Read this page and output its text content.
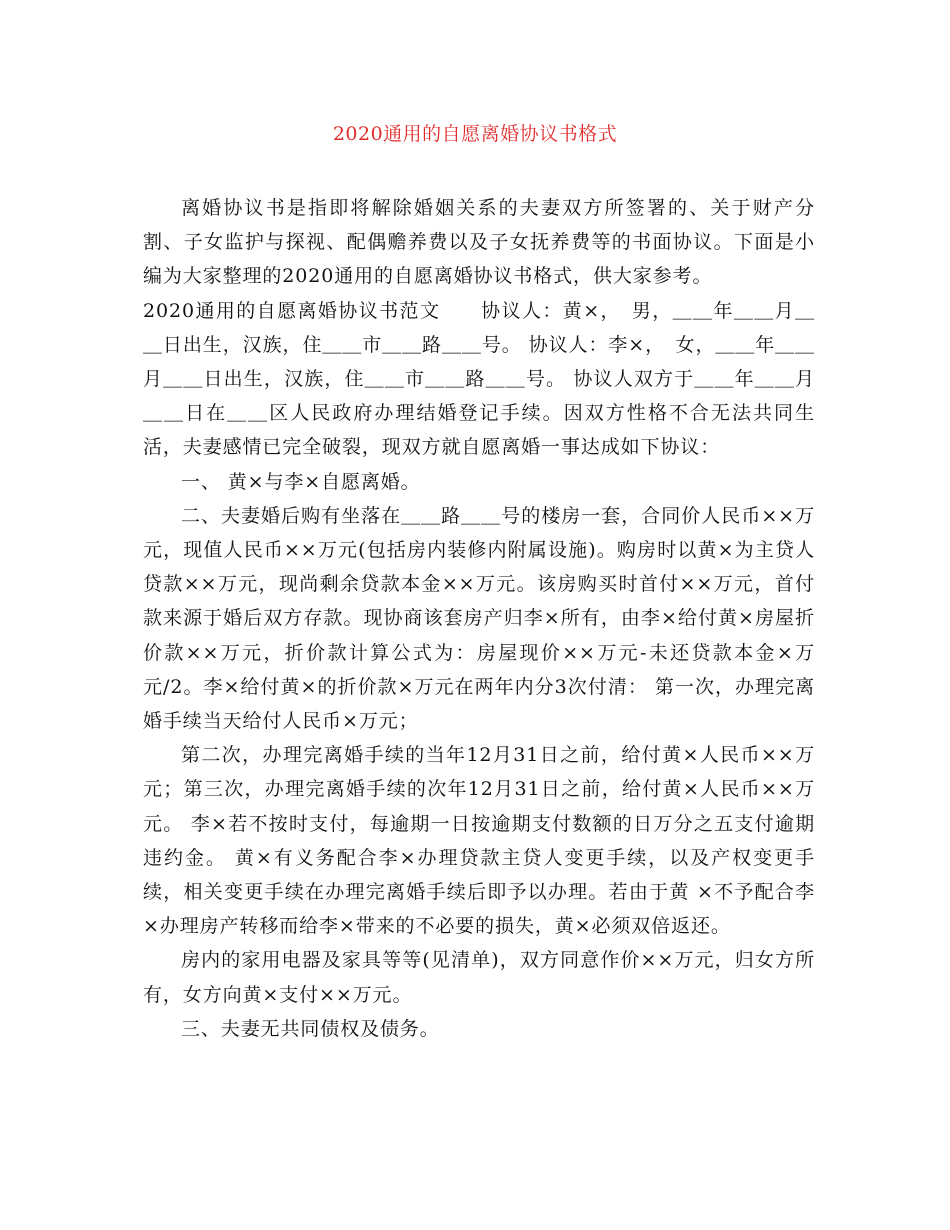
2020通用的自愿离婚协议书格式

离婚协议书是指即将解除婚姻关系的夫妻双方所签署的、关于财产分割、子女监护与探视、配偶赡养费以及子女抚养费等的书面协议。下面是小编为大家整理的2020通用的自愿离婚协议书格式，供大家参考。

2020通用的自愿离婚协议书范文　　协议人：黄×，　男，＿＿年＿＿月＿＿日出生，汉族，住＿＿市＿＿路＿＿号。 协议人：李×，　女，＿＿年＿＿月＿＿日出生，汉族，住＿＿市＿＿路＿＿号。 协议人双方于＿＿年＿＿月＿＿日在＿＿区人民政府办理结婚登记手续。因双方性格不合无法共同生活，夫妻感情已完全破裂，现双方就自愿离婚一事达成如下协议：

一、 黄×与李×自愿离婚。

二、夫妻婚后购有坐落在＿＿路＿＿号的楼房一套，合同价人民币××万元，现值人民币××万元(包括房内装修内附属设施)。购房时以黄×为主贷人贷款××万元，现尚剩余贷款本金××万元。该房购买时首付××万元，首付款来源于婚后双方存款。现协商该套房产归李×所有，由李×给付黄×房屋折价款××万元，折价款计算公式为：房屋现价××万元-未还贷款本金×万元/2。李×给付黄×的折价款×万元在两年内分3次付清： 第一次，办理完离婚手续当天给付人民币×万元；

第二次，办理完离婚手续的当年12月31日之前，给付黄×人民币××万元；第三次，办理完离婚手续的次年12月31日之前，给付黄×人民币××万元。 李×若不按时支付，每逾期一日按逾期支付数额的日万分之五支付逾期违约金。 黄×有义务配合李×办理贷款主贷人变更手续，以及产权变更手续，相关变更手续在办理完离婚手续后即予以办理。若由于黄 ×不予配合李×办理房产转移而给李×带来的不必要的损失，黄×必须双倍返还。

房内的家用电器及家具等等(见清单)，双方同意作价××万元，归女方所有，女方向黄×支付××万元。

三、夫妻无共同债权及债务。
